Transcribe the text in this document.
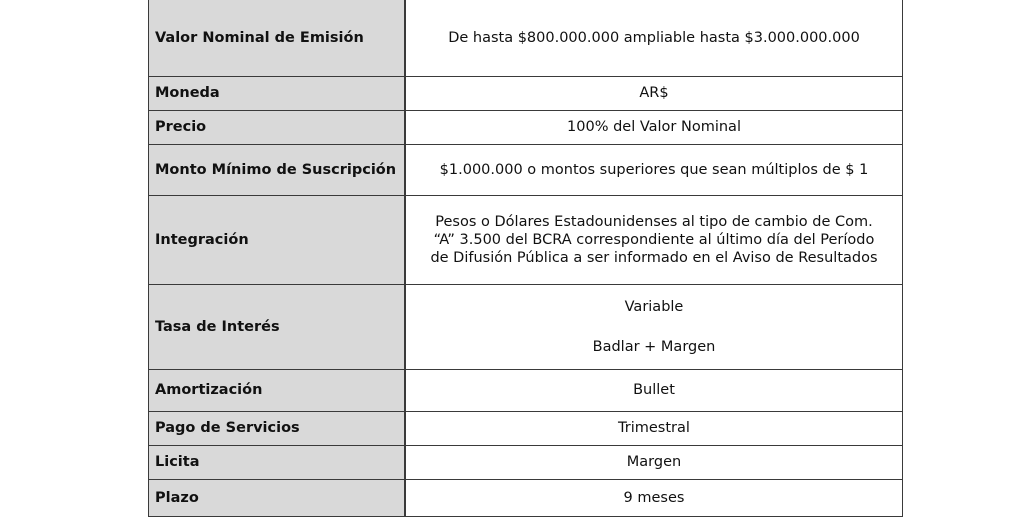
Valor Nominal de Emisión	De hasta $800.000.000 ampliable hasta $3.000.000.000
Moneda	AR$
Precio	100% del Valor Nominal
Monto Mínimo de Suscripción	$1.000.000 o montos superiores que sean múltiplos de $ 1
Integración	Pesos o Dólares Estadounidenses al tipo de cambio de Com.
“A” 3.500 del BCRA correspondiente al último día del Período
de Difusión Pública a ser informado en el Aviso de Resultados

Tasa de Interés	Variable
Badlar + Margen

Amortización	Bullet
Pago de Servicios	Trimestral
Licita	Margen
Plazo	9 meses
